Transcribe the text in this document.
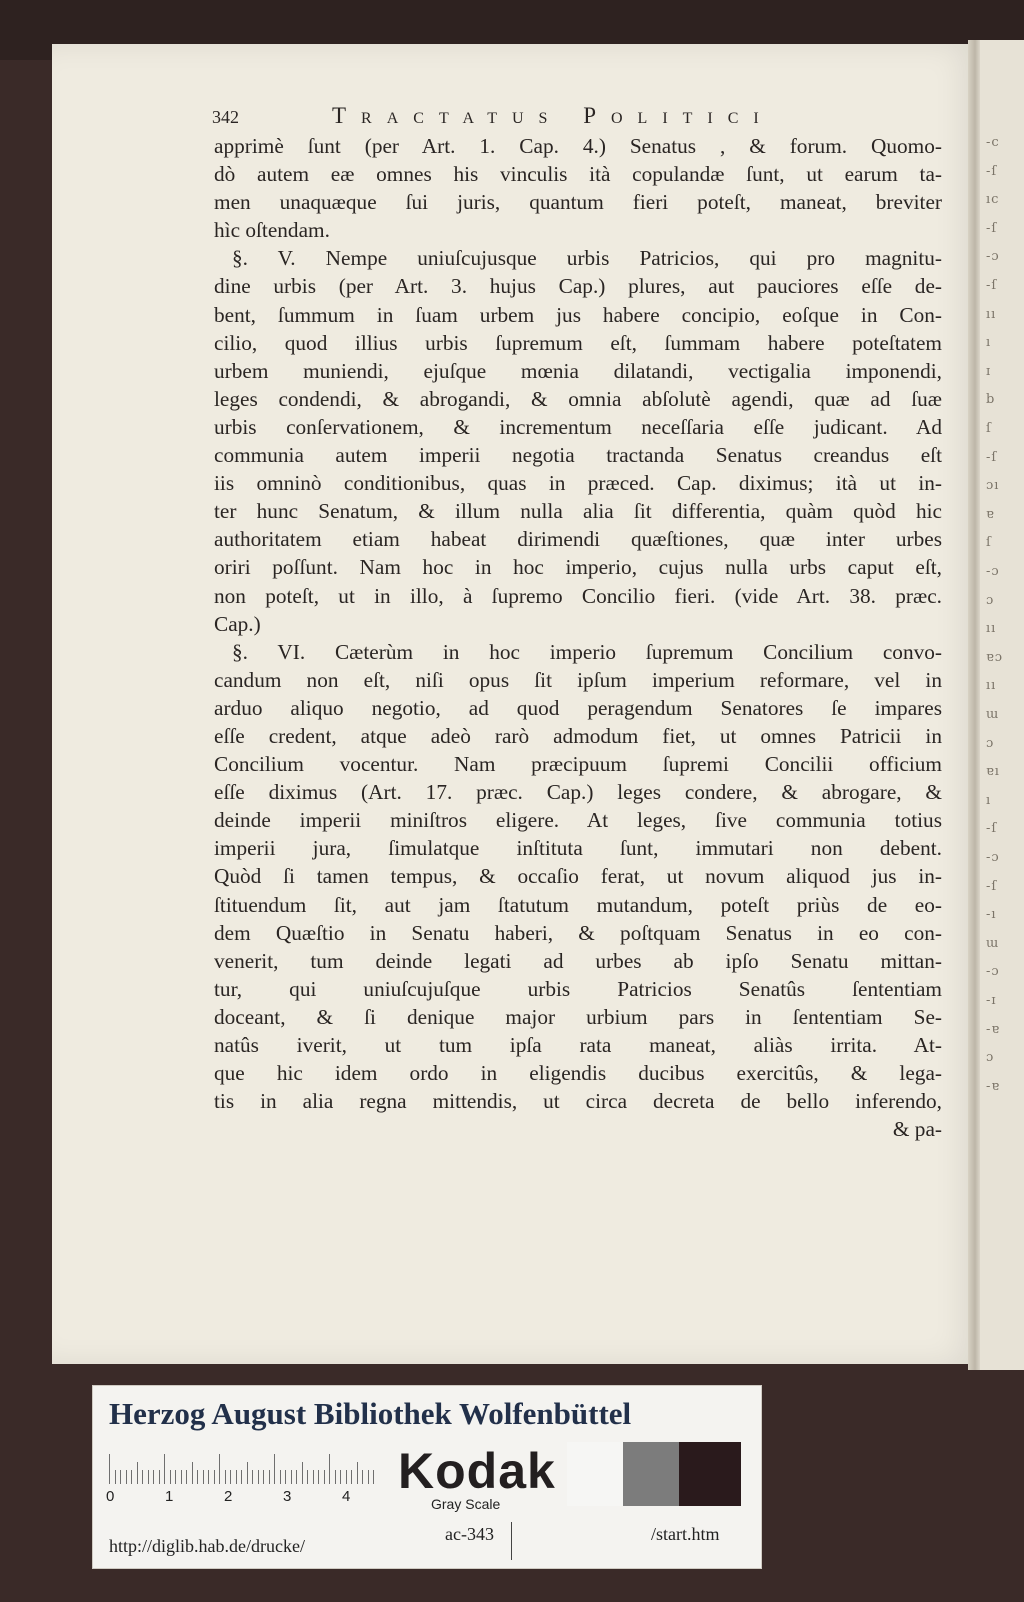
-c
-ſ
ıc
-ſ
-ɔ
-ſ
ıı
ı
ɪ
b
ſ
-ſ
ɔı
ɐ
ſ
-ɔ
ɔ
ıı
ɐɔ
ıı
ɯ
ɔ
ɐı
ı
-ſ
-ɔ
-ſ
-ı
ɯ
-ɔ
-ɪ
-ɐ
ɔ
-ɐ
342	Tractatus Politici
apprimè ſunt (per Art. 1. Cap. 4.) Senatus , & forum. Quomo-
dò autem eæ omnes his vinculis ità copulandæ ſunt, ut earum ta-
men unaquæque ſui juris, quantum fieri poteſt, maneat, breviter
hìc oſtendam.
§. V. Nempe uniuſcujusque urbis Patricios, qui pro magnitu-
dine urbis (per Art. 3. hujus Cap.) plures, aut pauciores eſſe de-
bent, ſummum in ſuam urbem jus habere concipio, eoſque in Con-
cilio, quod illius urbis ſupremum eſt, ſummam habere poteſtatem
urbem muniendi, ejuſque mœnia dilatandi, vectigalia imponendi,
leges condendi, & abrogandi, & omnia abſolutè agendi, quæ ad ſuæ
urbis conſervationem, & incrementum neceſſaria eſſe judicant. Ad
communia autem imperii negotia tractanda Senatus creandus eſt
iis omninò conditionibus, quas in præced. Cap. diximus; ità ut in-
ter hunc Senatum, & illum nulla alia ſit differentia, quàm quòd hic
authoritatem etiam habeat dirimendi quæſtiones, quæ inter urbes
oriri poſſunt. Nam hoc in hoc imperio, cujus nulla urbs caput eſt,
non poteſt, ut in illo, à ſupremo Concilio fieri. (vide Art. 38. præc.
Cap.)
§. VI. Cæterùm in hoc imperio ſupremum Concilium convo-
candum non eſt, niſi opus ſit ipſum imperium reformare, vel in
arduo aliquo negotio, ad quod peragendum Senatores ſe impares
eſſe credent, atque adeò rarò admodum fiet, ut omnes Patricii in
Concilium vocentur. Nam præcipuum ſupremi Concilii officium
eſſe diximus (Art. 17. præc. Cap.) leges condere, & abrogare, &
deinde imperii miniſtros eligere. At leges, ſive communia totius
imperii jura, ſimulatque inſtituta ſunt, immutari non debent.
Quòd ſi tamen tempus, & occaſio ferat, ut novum aliquod jus in-
ſtituendum ſit, aut jam ſtatutum mutandum, poteſt priùs de eo-
dem Quæſtio in Senatu haberi, & poſtquam Senatus in eo con-
venerit, tum deinde legati ad urbes ab ipſo Senatu mittan-
tur, qui uniuſcujuſque urbis Patricios Senatûs ſententiam
doceant, & ſi denique major urbium pars in ſententiam Se-
natûs iverit, ut tum ipſa rata maneat, aliàs irrita. At-
que hic idem ordo in eligendis ducibus exercitûs, & lega-
tis in alia regna mittendis, ut circa decreta de bello inferendo,
& pa-
Herzog August Bibliothek Wolfenbüttel
Kodak
Gray Scale
http://diglib.hab.de/drucke/
ac-343	/start.htm
0	1	2	3	4
